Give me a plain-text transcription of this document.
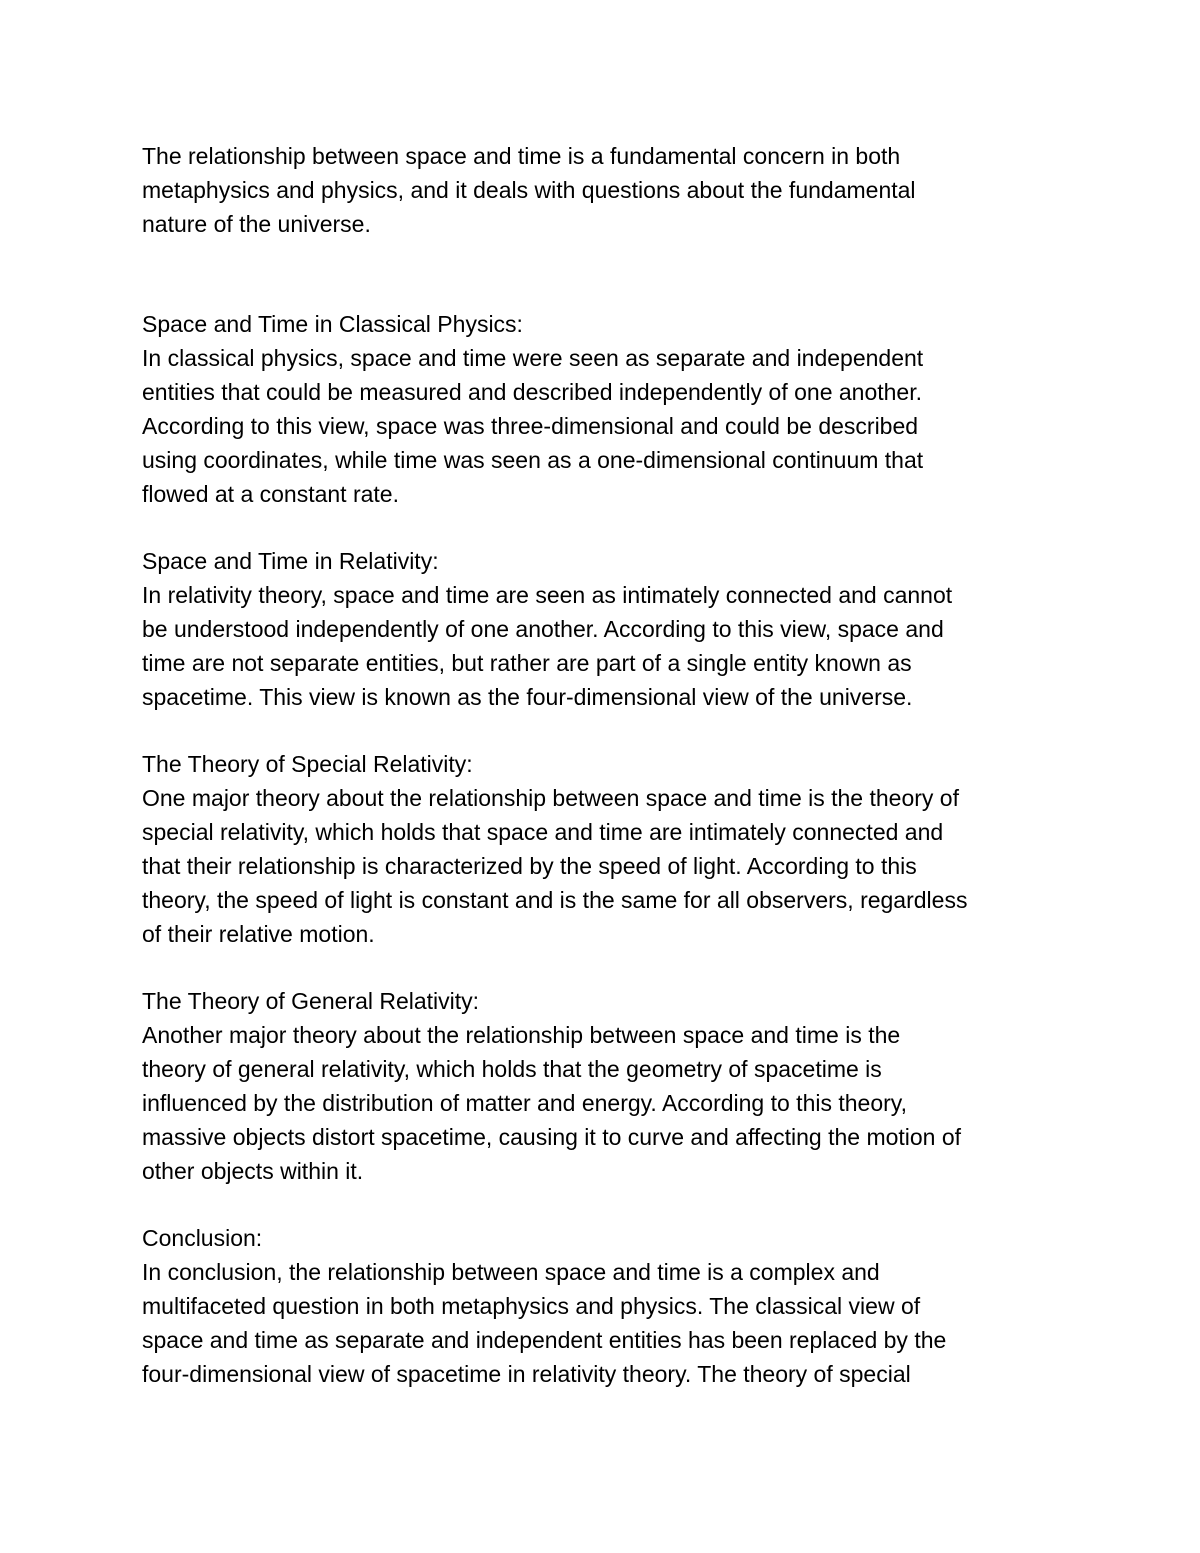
The relationship between space and time is a fundamental concern in both
metaphysics and physics, and it deals with questions about the fundamental
nature of the universe.
Space and Time in Classical Physics:
In classical physics, space and time were seen as separate and independent
entities that could be measured and described independently of one another.
According to this view, space was three-dimensional and could be described
using coordinates, while time was seen as a one-dimensional continuum that
flowed at a constant rate.
Space and Time in Relativity:
In relativity theory, space and time are seen as intimately connected and cannot
be understood independently of one another. According to this view, space and
time are not separate entities, but rather are part of a single entity known as
spacetime. This view is known as the four-dimensional view of the universe.
The Theory of Special Relativity:
One major theory about the relationship between space and time is the theory of
special relativity, which holds that space and time are intimately connected and
that their relationship is characterized by the speed of light. According to this
theory, the speed of light is constant and is the same for all observers, regardless
of their relative motion.
The Theory of General Relativity:
Another major theory about the relationship between space and time is the
theory of general relativity, which holds that the geometry of spacetime is
influenced by the distribution of matter and energy. According to this theory,
massive objects distort spacetime, causing it to curve and affecting the motion of
other objects within it.
Conclusion:
In conclusion, the relationship between space and time is a complex and
multifaceted question in both metaphysics and physics. The classical view of
space and time as separate and independent entities has been replaced by the
four-dimensional view of spacetime in relativity theory. The theory of special
